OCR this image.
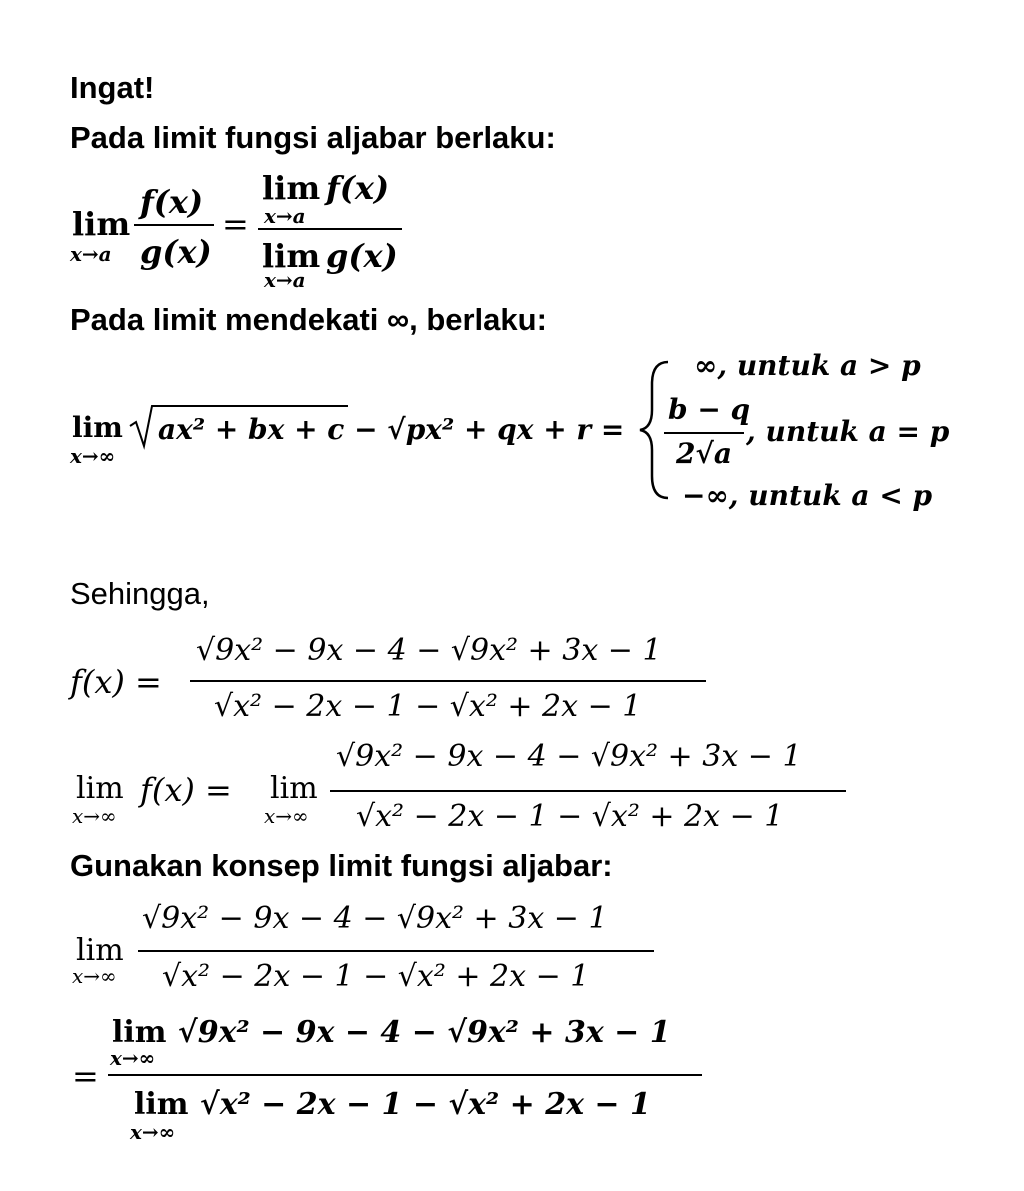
Ingat!
Pada limit fungsi aljabar berlaku:
lim
x→a
f(x)
g(x)
=
lim
x→a
f(x)
lim
x→a
g(x)
Pada limit mendekati ∞, berlaku:
lim
x→∞
ax² + bx + c − √px² + qx + r =
∞, untuk a > p
b − q
2√a
, untuk a = p
−∞, untuk a < p
Sehingga,
f(x) =
√9x² − 9x − 4 − √9x² + 3x − 1
√x² − 2x − 1 − √x² + 2x − 1
lim
x→∞
f(x) = lim
x→∞
√9x² − 9x − 4 − √9x² + 3x − 1
√x² − 2x − 1 − √x² + 2x − 1
Gunakan konsep limit fungsi aljabar:
lim
x→∞
√9x² − 9x − 4 − √9x² + 3x − 1
√x² − 2x − 1 − √x² + 2x − 1
=
lim
x→∞
√9x² − 9x − 4 − √9x² + 3x − 1
lim
x→∞
√x² − 2x − 1 − √x² + 2x − 1
